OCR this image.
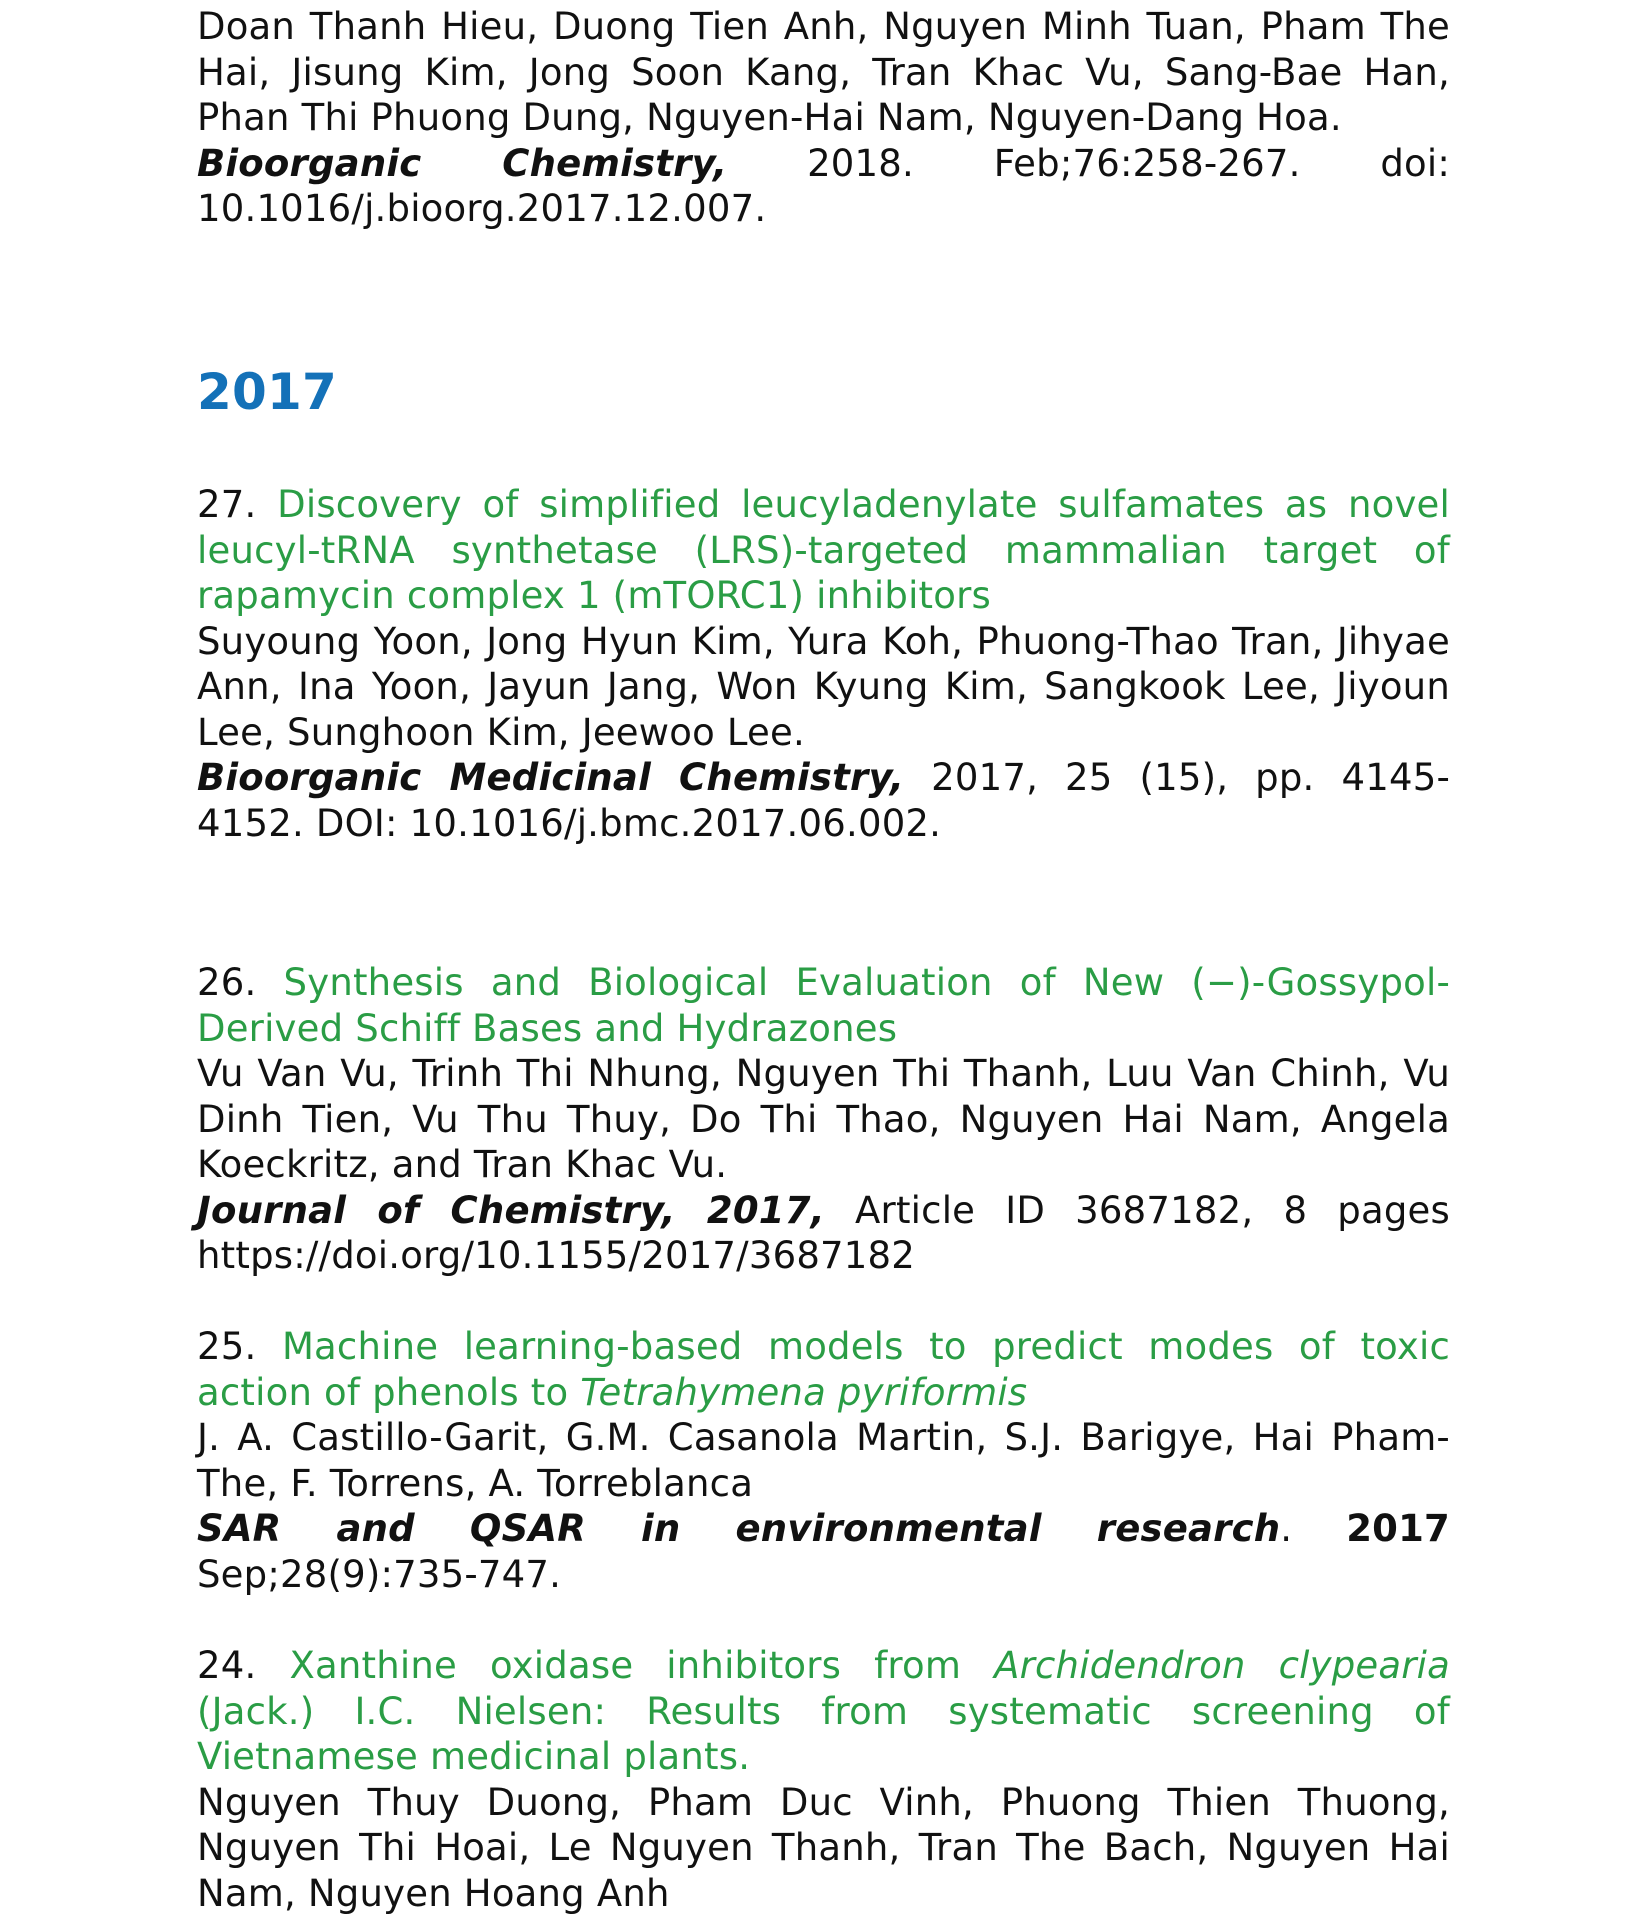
Doan Thanh Hieu, Duong Tien Anh, Nguyen Minh Tuan, Pham The Hai, Jisung Kim, Jong Soon Kang, Tran Khac Vu, Sang-Bae Han, Phan Thi Phuong Dung, Nguyen-Hai Nam, Nguyen-Dang Hoa.

Bioorganic Chemistry, 2018. Feb;76:258-267. doi: 10.1016/j.bioorg.2017.12.007.

2017

27. Discovery of simplified leucyladenylate sulfamates as novel leucyl-tRNA synthetase (LRS)-targeted mammalian target of rapamycin complex 1 (mTORC1) inhibitors

Suyoung Yoon, Jong Hyun Kim, Yura Koh, Phuong-Thao Tran, Jihyae Ann, Ina Yoon, Jayun Jang, Won Kyung Kim, Sangkook Lee, Jiyoun Lee, Sunghoon Kim, Jeewoo Lee.

Bioorganic Medicinal Chemistry, 2017, 25 (15), pp. 4145-4152. DOI: 10.1016/j.bmc.2017.06.002.

26. Synthesis and Biological Evaluation of New (−)-Gossypol-Derived Schiff Bases and Hydrazones

Vu Van Vu, Trinh Thi Nhung, Nguyen Thi Thanh, Luu Van Chinh, Vu Dinh Tien, Vu Thu Thuy, Do Thi Thao, Nguyen Hai Nam, Angela Koeckritz, and Tran Khac Vu.

Journal of Chemistry, 2017, Article ID 3687182, 8 pages https://doi.org/10.1155/2017/3687182

25. Machine learning-based models to predict modes of toxic action of phenols to Tetrahymena pyriformis

J. A. Castillo-Garit, G.M. Casanola Martin, S.J. Barigye, Hai Pham-The, F. Torrens, A. Torreblanca

SAR and QSAR in environmental research. 2017 Sep;28(9):735-747.

24. Xanthine oxidase inhibitors from Archidendron clypearia (Jack.) I.C. Nielsen: Results from systematic screening of Vietnamese medicinal plants.

Nguyen Thuy Duong, Pham Duc Vinh, Phuong Thien Thuong, Nguyen Thi Hoai, Le Nguyen Thanh, Tran The Bach, Nguyen Hai Nam, Nguyen Hoang Anh
